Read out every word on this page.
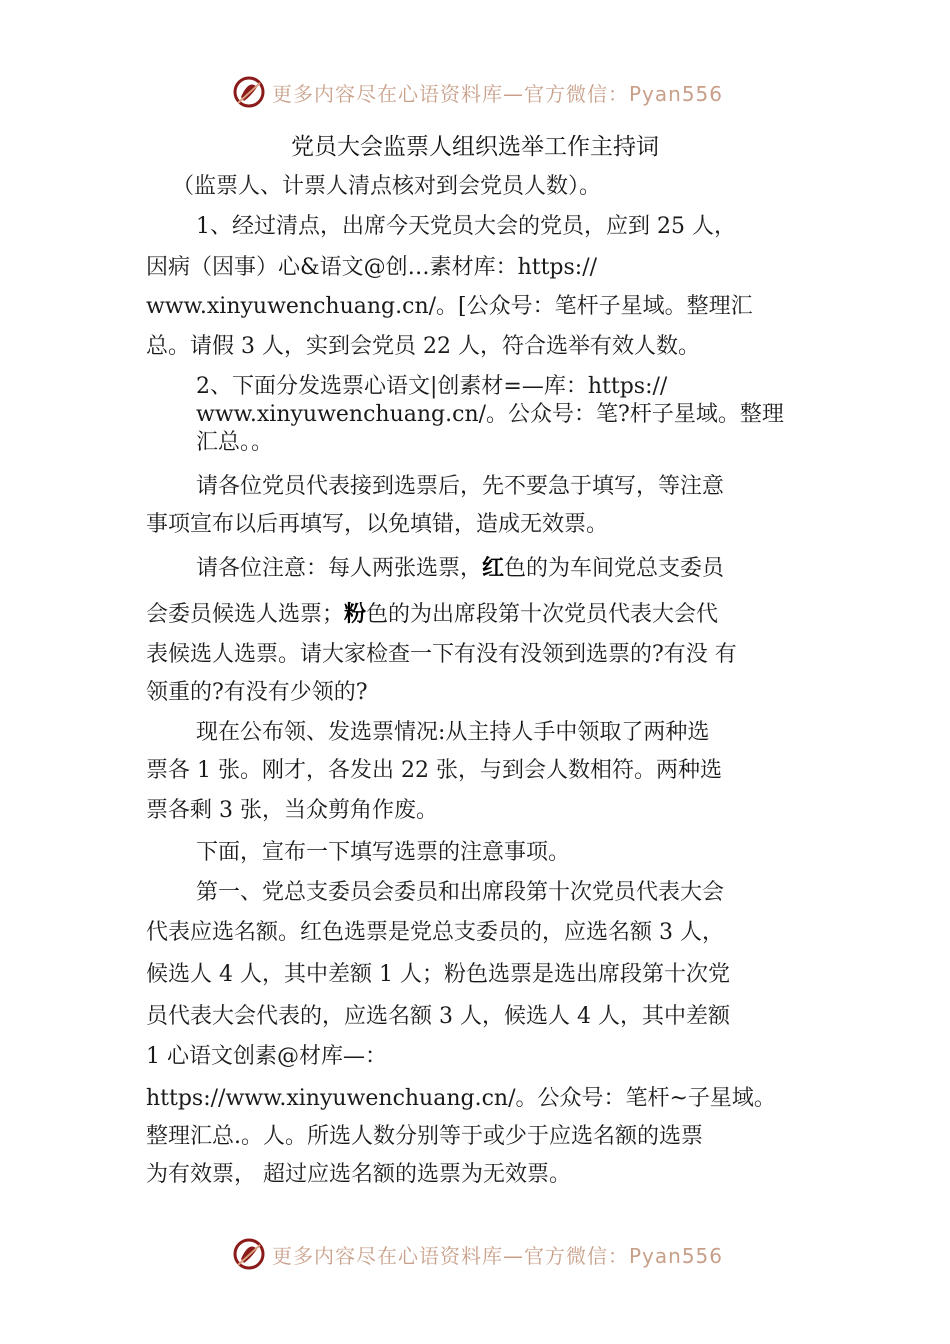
更多内容尽在心语资料库—官方微信：Pyan556
党员大会监票人组织选举工作主持词
（监票人、计票人清点核对到会党员人数）。
1、经过清点，出席今天党员大会的党员，应到 25 人，
因病（因事）心&语文@创…素材库：https://
www.xinyuwenchuang.cn/。[公众号：笔杆子星域。整理汇
总。请假 3 人，实到会党员 22 人，符合选举有效人数。
2、下面分发选票心语文|创素材=—库：https://
www.xinyuwenchuang.cn/。公众号：笔?杆子星域。整理
汇总。。
请各位党员代表接到选票后，先不要急于填写，等注意
事项宣布以后再填写，以免填错，造成无效票。
请各位注意：每人两张选票，红色的为车间党总支委员
会委员候选人选票；粉色的为出席段第十次党员代表大会代
表候选人选票。请大家检查一下有没有没领到选票的?有没 有
领重的?有没有少领的?
现在公布领、发选票情况:从主持人手中领取了两种选
票各 1 张。刚才，各发出 22 张，与到会人数相符。两种选
票各剩 3 张，当众剪角作废。
下面，宣布一下填写选票的注意事项。
第一、党总支委员会委员和出席段第十次党员代表大会
代表应选名额。红色选票是党总支委员的，应选名额 3 人，
候选人 4 人，其中差额 1 人；粉色选票是选出席段第十次党
员代表大会代表的，应选名额 3 人，候选人 4 人，其中差额
1 心语文创素@材库—：
https://www.xinyuwenchuang.cn/。公众号：笔杆~子星域。
整理汇总.。人。所选人数分别等于或少于应选名额的选票
为有效票， 超过应选名额的选票为无效票。
更多内容尽在心语资料库—官方微信：Pyan556
